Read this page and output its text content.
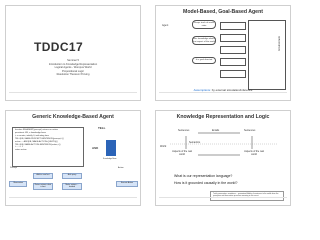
TDDC17
Seminar 5
Introduction to Knowledge Representation
Logical Agents - Wumpus World
Propositional Logic
Resolution Theorem Proving
Model-Based, Goal-Based Agent
Agent
Environment
Keeps track of world state
Has knowledge about the impact of the world
It is goal directed
Assumptions: by external simulation/inference
Generic Knowledge-Based Agent
function KB-AGENT(percept) returns an action
persistent: KB, a knowledge base
t, a counter, initially 0, indicating time
TELL(KB, MAKE-PERCEPT-SENTENCE(percept, t))
action ← ASK(KB, MAKE-ACTION-QUERY(t))
TELL(KB, MAKE-ACTION-SENTENCE(action, t))
t ← t + 1
return action
TELL
ASK
Knowledge Base
Percept	Action
Observation
Add to: new fact
Return actions: what is best
Ask: query
Make: actions ... decided
Execute Action
Knowledge Representation and Logic
Sentences	Sentences
Entails
Semantics
Aspects of the real world
Aspects of the real world
World
What is our representation language?
How is it grounded causally in the world?
Truth preservation: soundness ... guaranteed fidelity of sentences to the world when the
